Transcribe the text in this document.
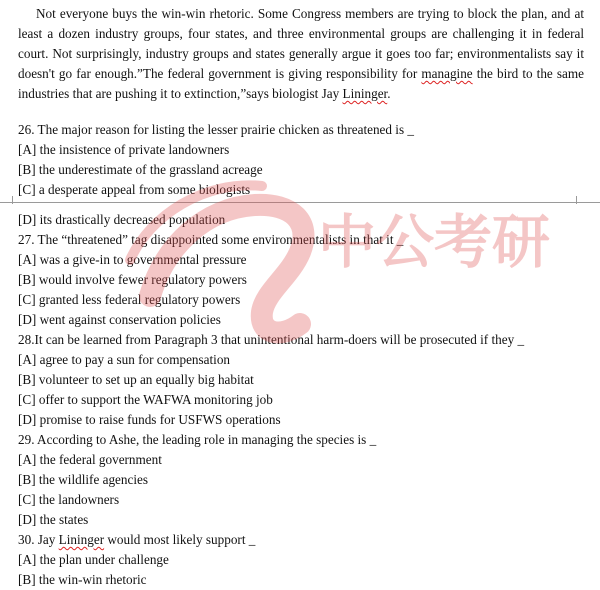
Not everyone buys the win-win rhetoric. Some Congress members are trying to block the plan, and at least a dozen industry groups, four states, and three environmental groups are challenging it in federal court. Not surprisingly, industry groups and states generally argue it goes too far; environmentalists say it doesn't go far enough.”The federal government is giving responsibility for managine the bird to the same industries that are pushing it to extinction,”says biologist Jay Lininger.

26. The major reason for listing the lesser prairie chicken as threatened is _
[A] the insistence of private landowners
[B] the underestimate of the grassland acreage
[C] a desperate appeal from some biologists
[D] its drastically decreased population
27. The “threatened” tag disappointed some environmentalists in that it _
[A] was a give-in to governmental pressure
[B] would involve fewer regulatory powers
[C] granted less federal regulatory powers
[D] went against conservation policies
28.It can be learned from Paragraph 3 that unintentional harm-doers will be prosecuted if they _
[A] agree to pay a sun for compensation
[B] volunteer to set up an equally big habitat
[C] offer to support the WAFWA monitoring job
[D] promise to raise funds for USFWS operations
29. According to Ashe, the leading role in managing the species is _
[A] the federal government
[B] the wildlife agencies
[C] the landowners
[D] the states
30. Jay Lininger would most likely support _
[A] the plan under challenge
[B] the win-win rhetoric
中公考研
